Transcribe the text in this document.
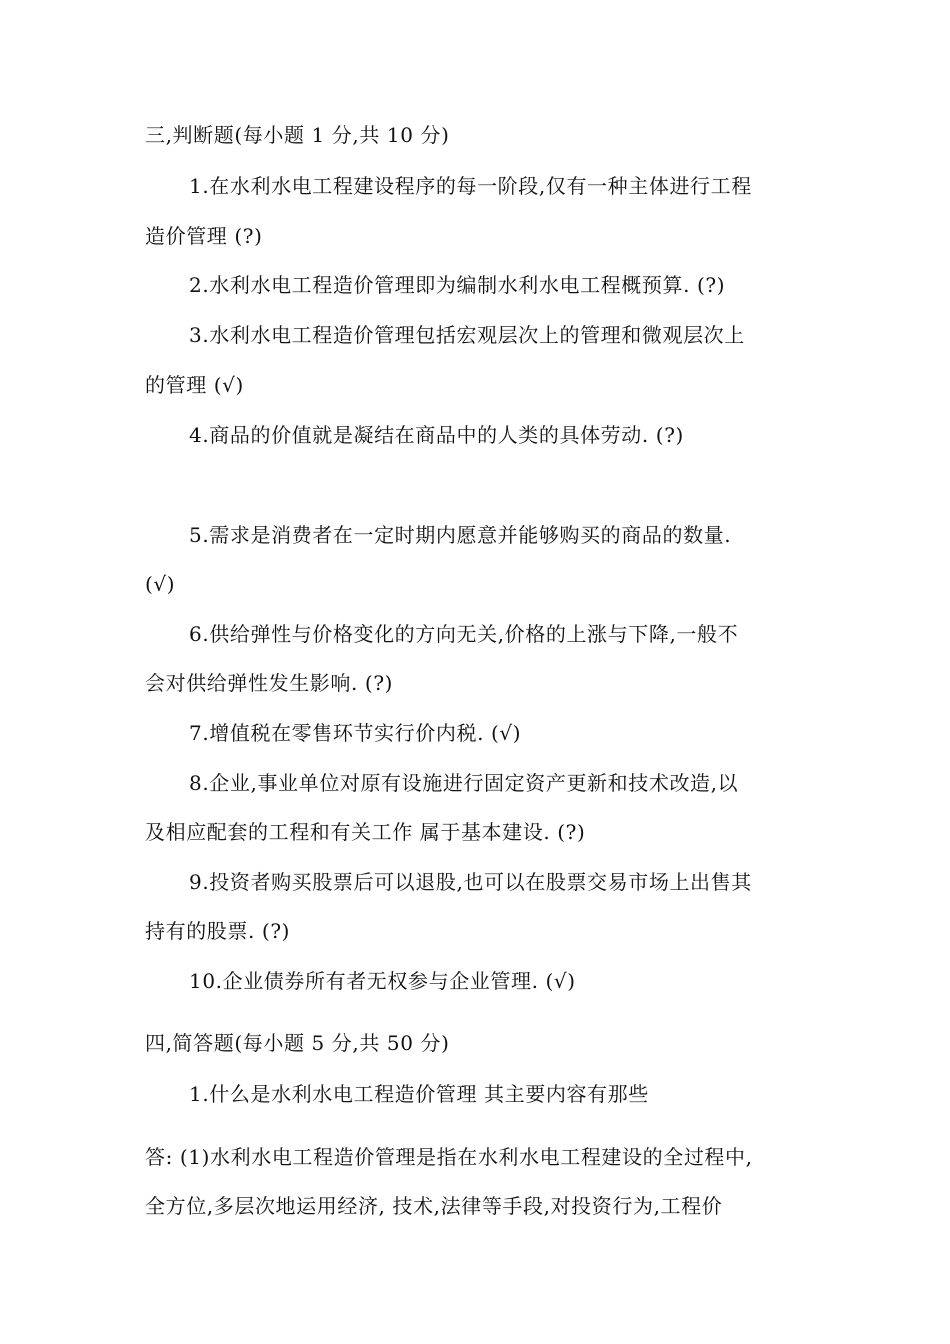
三,判断题(每小题 1 分,共 10 分)
1.在水利水电工程建设程序的每一阶段,仅有一种主体进行工程
造价管理 (?)
2.水利水电工程造价管理即为编制水利水电工程概预算. (?)
3.水利水电工程造价管理包括宏观层次上的管理和微观层次上
的管理 (√)
4.商品的价值就是凝结在商品中的人类的具体劳动. (?)
5.需求是消费者在一定时期内愿意并能够购买的商品的数量.
(√)
6.供给弹性与价格变化的方向无关,价格的上涨与下降,一般不
会对供给弹性发生影响. (?)
7.增值税在零售环节实行价内税. (√)
8.企业,事业单位对原有设施进行固定资产更新和技术改造,以
及相应配套的工程和有关工作 属于基本建设. (?)
9.投资者购买股票后可以退股,也可以在股票交易市场上出售其
持有的股票. (?)
10.企业债券所有者无权参与企业管理. (√)
四,简答题(每小题 5 分,共 50 分)
1.什么是水利水电工程造价管理 其主要内容有那些
答: (1)水利水电工程造价管理是指在水利水电工程建设的全过程中,
全方位,多层次地运用经济, 技术,法律等手段,对投资行为,工程价
